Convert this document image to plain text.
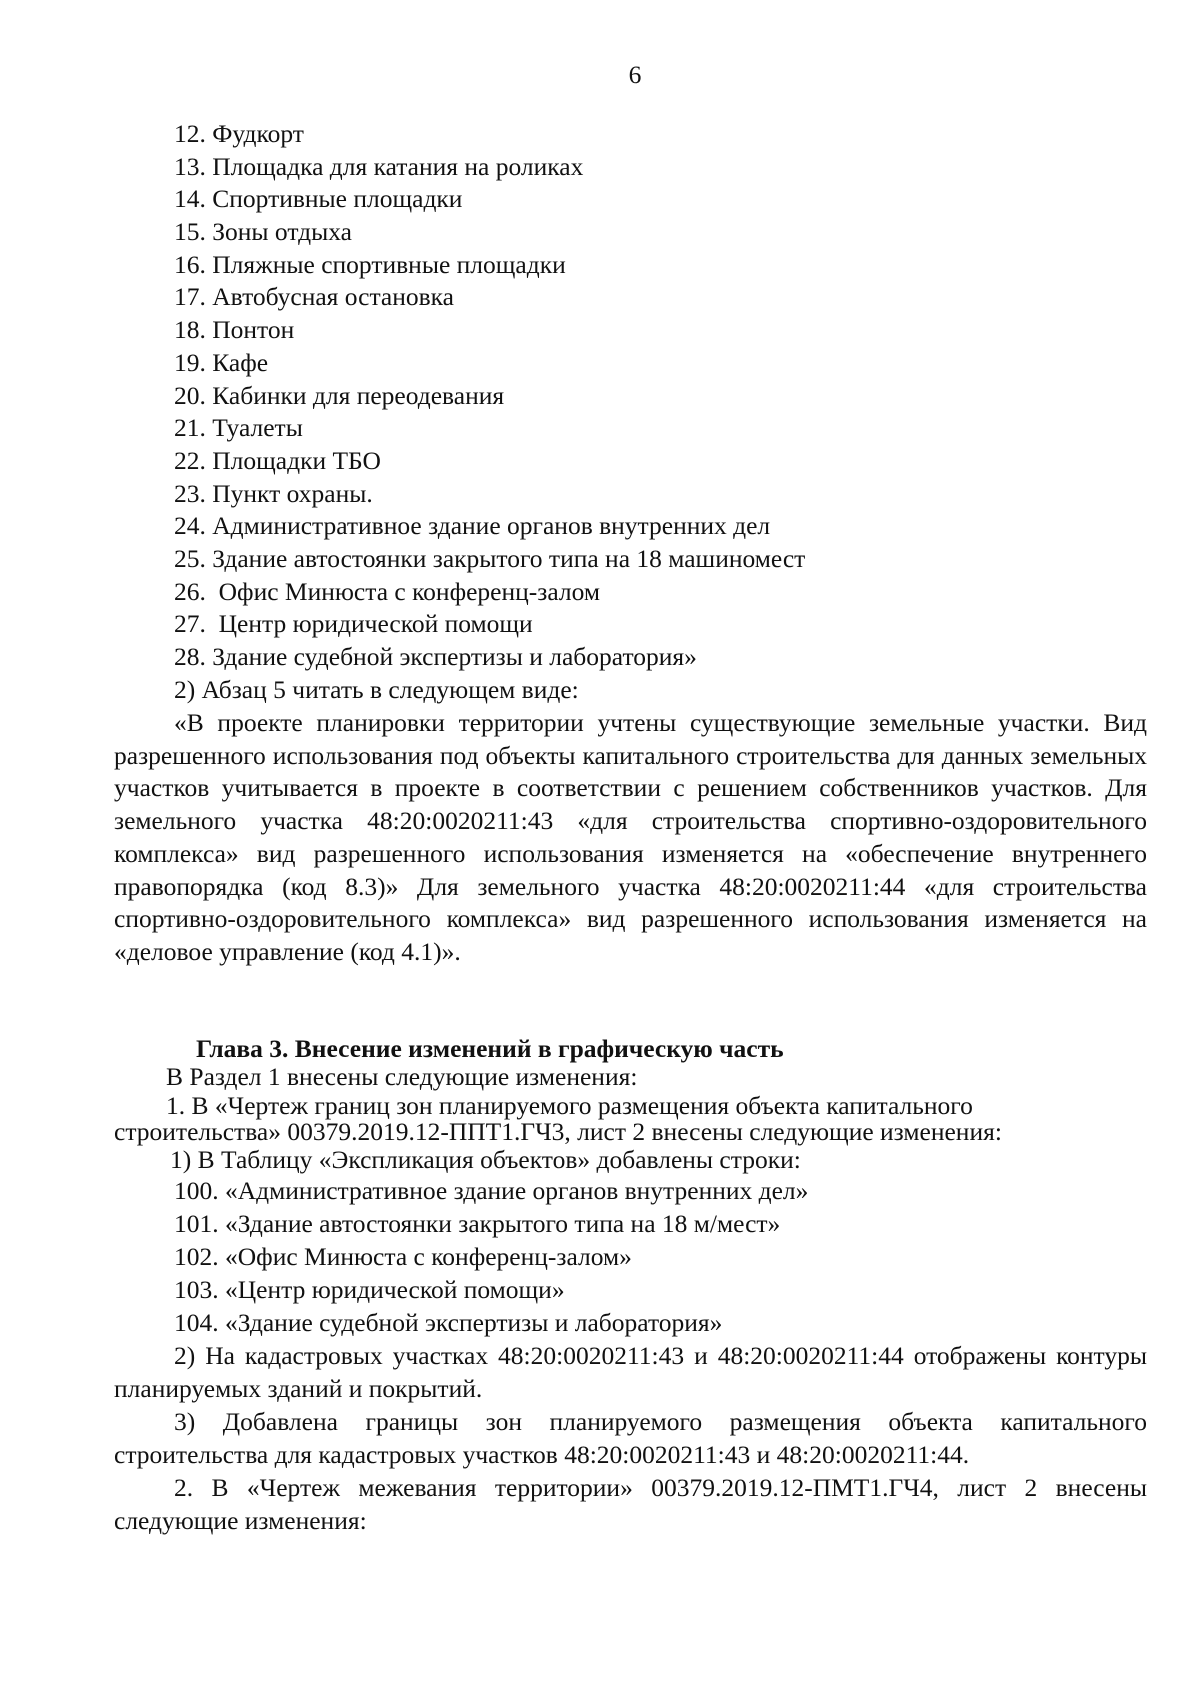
6
12. Фудкорт
13. Площадка для катания на роликах
14. Спортивные площадки
15. Зоны отдыха
16. Пляжные спортивные площадки
17. Автобусная остановка
18. Понтон
19. Кафе
20. Кабинки для переодевания
21. Туалеты
22. Площадки ТБО
23. Пункт охраны.
24. Административное здание органов внутренних дел
25. Здание автостоянки закрытого типа на 18 машиномест
26.  Офис Минюста с конференц-залом
27.  Центр юридической помощи
28. Здание судебной экспертизы и лаборатория»
2) Абзац 5 читать в следующем виде:
«В проекте планировки территории учтены существующие земельные участки. Вид разрешенного использования под объекты капитального строительства для данных земельных участков учитывается в проекте в соответствии с решением собственников участков. Для земельного участка 48:20:0020211:43 «для строительства спортивно-оздоровительного комплекса» вид разрешенного использования изменяется на «обеспечение внутреннего правопорядка (код 8.3)» Для земельного участка 48:20:0020211:44 «для строительства спортивно-оздоровительного комплекса» вид разрешенного использования изменяется на «деловое управление (код 4.1)».
Глава 3. Внесение изменений в графическую часть
В Раздел 1 внесены следующие изменения:
1. В «Чертеж границ зон планируемого размещения объекта капитального
строительства» 00379.2019.12-ППТ1.ГЧ3, лист 2 внесены следующие изменения:
1) В Таблицу «Экспликация объектов» добавлены строки:
100. «Административное здание органов внутренних дел»
101. «Здание автостоянки закрытого типа на 18 м/мест»
102. «Офис Минюста с конференц-залом»
103. «Центр юридической помощи»
104. «Здание судебной экспертизы и лаборатория»
2) На кадастровых участках 48:20:0020211:43 и 48:20:0020211:44 отображены контуры планируемых зданий и покрытий.
3) Добавлена границы зон планируемого размещения объекта капитального строительства для кадастровых участков 48:20:0020211:43 и 48:20:0020211:44.
2. В «Чертеж межевания территории» 00379.2019.12-ПМТ1.ГЧ4, лист 2 внесены следующие изменения:
